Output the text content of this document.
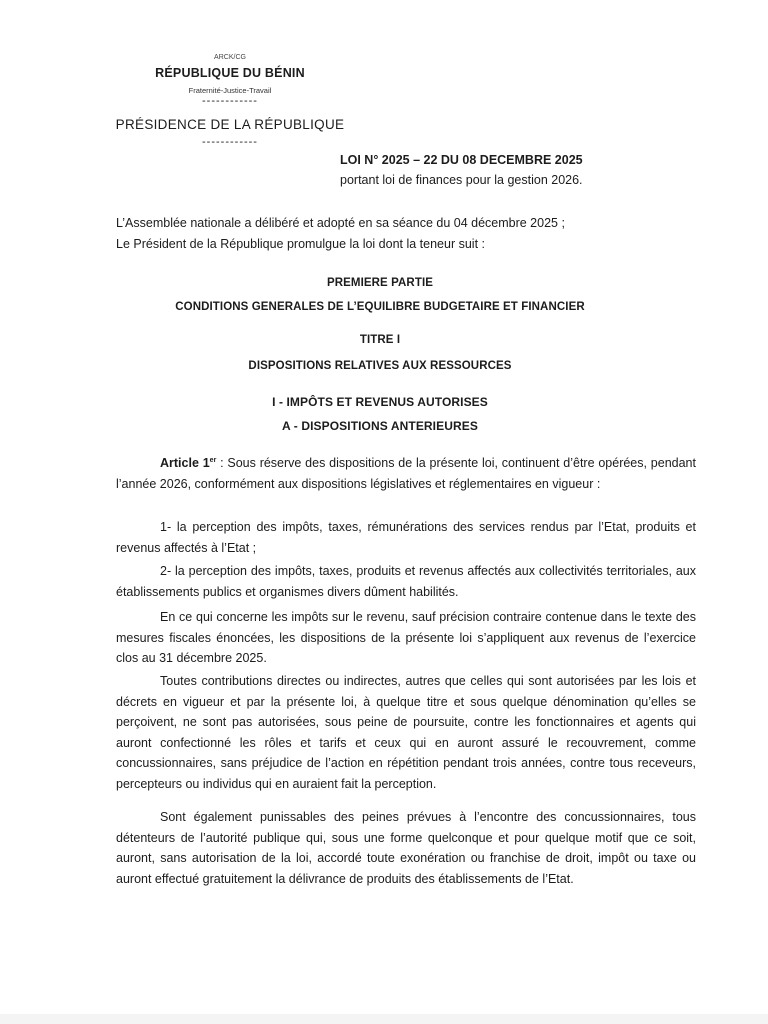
ARCK/CG
RÉPUBLIQUE DU BÉNIN
Fraternité-Justice-Travail
------------
PRÉSIDENCE DE LA RÉPUBLIQUE
------------
LOI N° 2025 – 22 DU 08 DECEMBRE 2025
portant loi de finances pour la gestion 2026.
L’Assemblée nationale a délibéré et adopté en sa séance du 04 décembre 2025 ;
Le Président de la République promulgue la loi dont la teneur suit :
PREMIERE PARTIE
CONDITIONS GENERALES DE L’EQUILIBRE BUDGETAIRE ET FINANCIER
TITRE I
DISPOSITIONS RELATIVES AUX RESSOURCES
I - IMPÔTS ET REVENUS AUTORISES
A - DISPOSITIONS ANTERIEURES

Article 1er : Sous réserve des dispositions de la présente loi, continuent d’être opérées, pendant l’année 2026, conformément aux dispositions législatives et réglementaires en vigueur :

1- la perception des impôts, taxes, rémunérations des services rendus par l’Etat, produits et revenus affectés à l’Etat ;

2- la perception des impôts, taxes, produits et revenus affectés aux collectivités territoriales, aux établissements publics et organismes divers dûment habilités.

En ce qui concerne les impôts sur le revenu, sauf précision contraire contenue dans le texte des mesures fiscales énoncées, les dispositions de la présente loi s’appliquent aux revenus de l’exercice clos au 31 décembre 2025.

Toutes contributions directes ou indirectes, autres que celles qui sont autorisées par les lois et décrets en vigueur et par la présente loi, à quelque titre et sous quelque dénomination qu’elles se perçoivent, ne sont pas autorisées, sous peine de poursuite, contre les fonctionnaires et agents qui auront confectionné les rôles et tarifs et ceux qui en auront assuré le recouvrement, comme concussionnaires, sans préjudice de l’action en répétition pendant trois années, contre tous receveurs, percepteurs ou individus qui en auraient fait la perception.

Sont également punissables des peines prévues à l’encontre des concussionnaires, tous détenteurs de l’autorité publique qui, sous une forme quelconque et pour quelque motif que ce soit, auront, sans autorisation de la loi, accordé toute exonération ou franchise de droit, impôt ou taxe ou auront effectué gratuitement la délivrance de produits des établissements de l’Etat.
